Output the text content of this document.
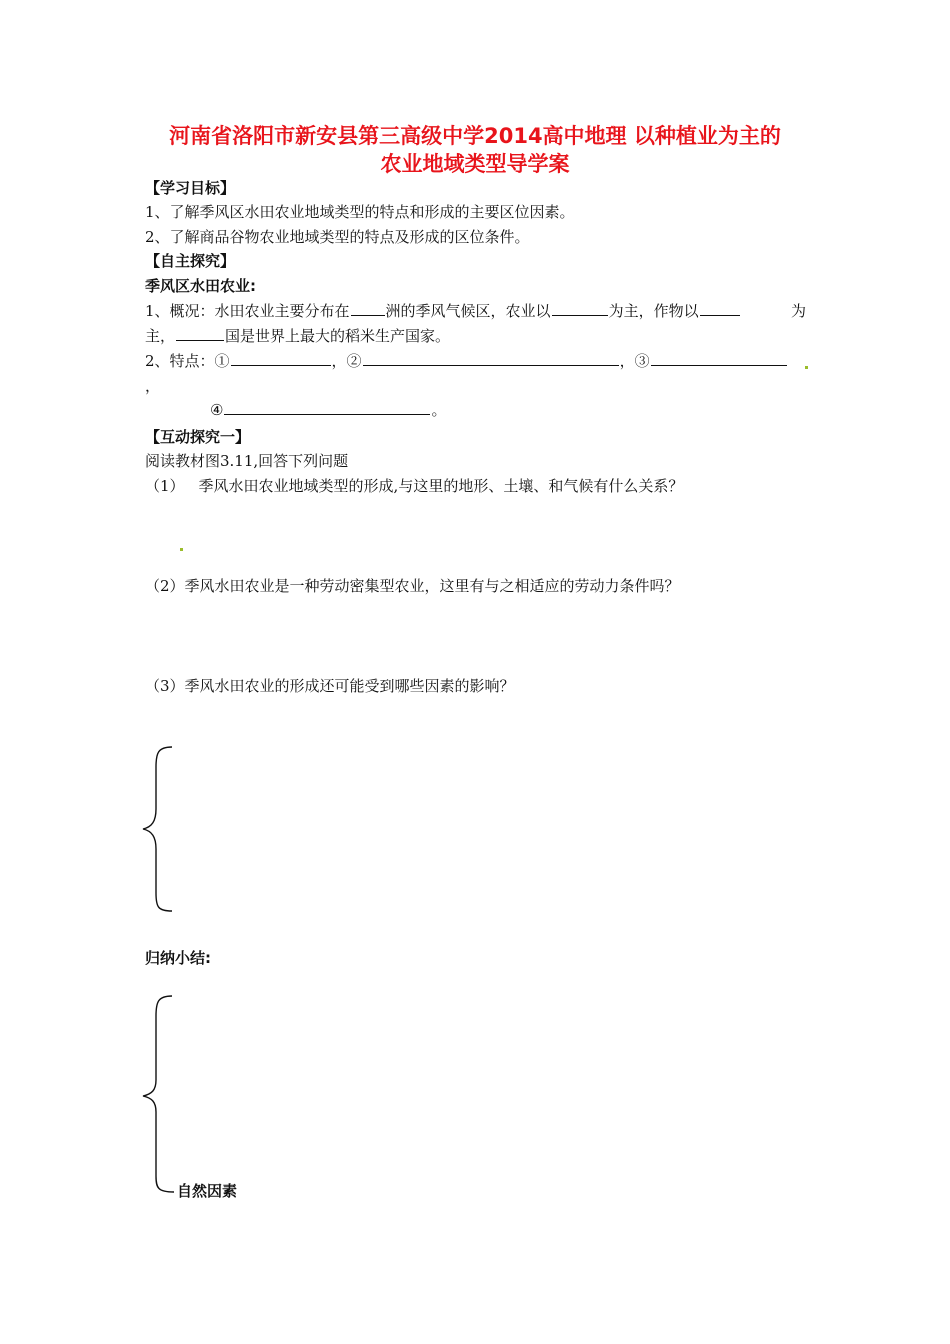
河南省洛阳市新安县第三高级中学2014高中地理 以种植业为主的
农业地域类型导学案
【学习目标】
1、了解季风区水田农业地域类型的特点和形成的主要区位因素。
2、了解商品谷物农业地域类型的特点及形成的区位条件。
【自主探究】
季风区水田农业:
1、概况：水田农业主要分布在 洲的季风气候区，农业以	为主，作物以	为
主，	国是世界上最大的稻米生产国家。
2、特点：①	，②	，③
，
④	。
【互动探究一】
阅读教材图3.11,回答下列问题
（1） 季风水田农业地域类型的形成,与这里的地形、土壤、和气候有什么关系？
（2）季风水田农业是一种劳动密集型农业，这里有与之相适应的劳动力条件吗？
（3）季风水田农业的形成还可能受到哪些因素的影响？
归纳小结:
自然因素
